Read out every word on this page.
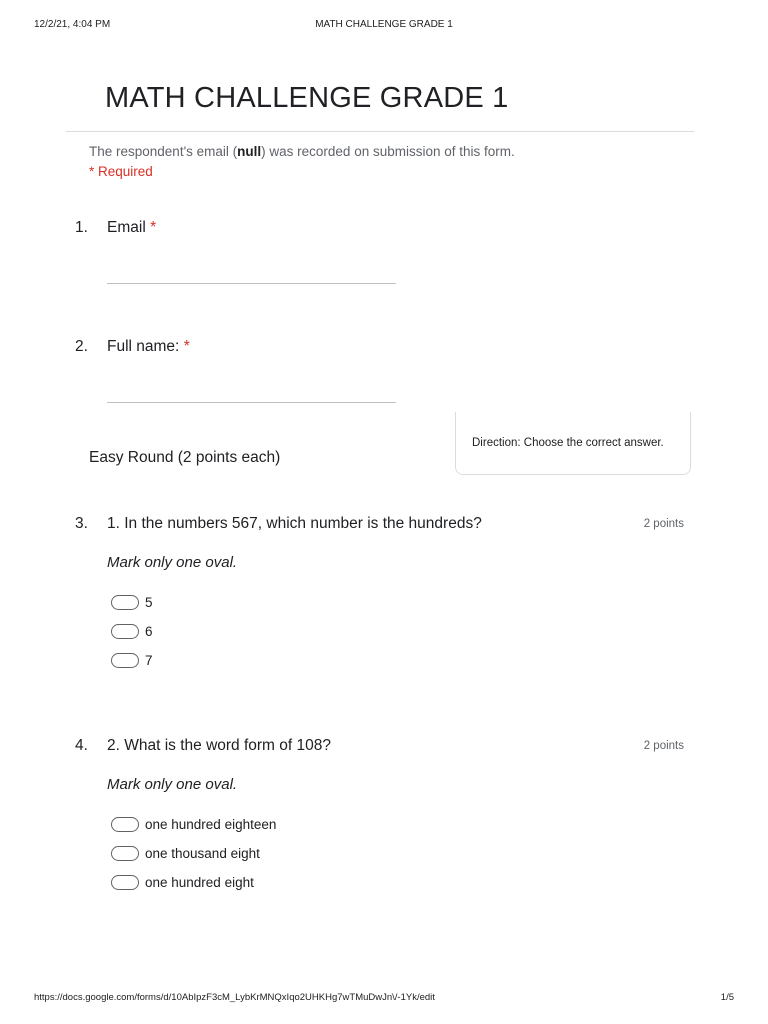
12/2/21, 4:04 PM	MATH CHALLENGE GRADE 1
MATH CHALLENGE GRADE 1
The respondent's email (null) was recorded on submission of this form.
* Required
1. Email *
2. Full name: *
Easy Round (2 points each)
Direction: Choose the correct answer.
3. 1. In the numbers 567, which number is the hundreds?	2 points
Mark only one oval.
5
6
7
4. 2. What is the word form of 108?	2 points
Mark only one oval.
one hundred eighteen
one thousand eight
one hundred eight
https://docs.google.com/forms/d/10AbIpzF3cM_LybKrMNQxIqo2UHKHg7wTMuDwJn\/-1Yk/edit	1/5
